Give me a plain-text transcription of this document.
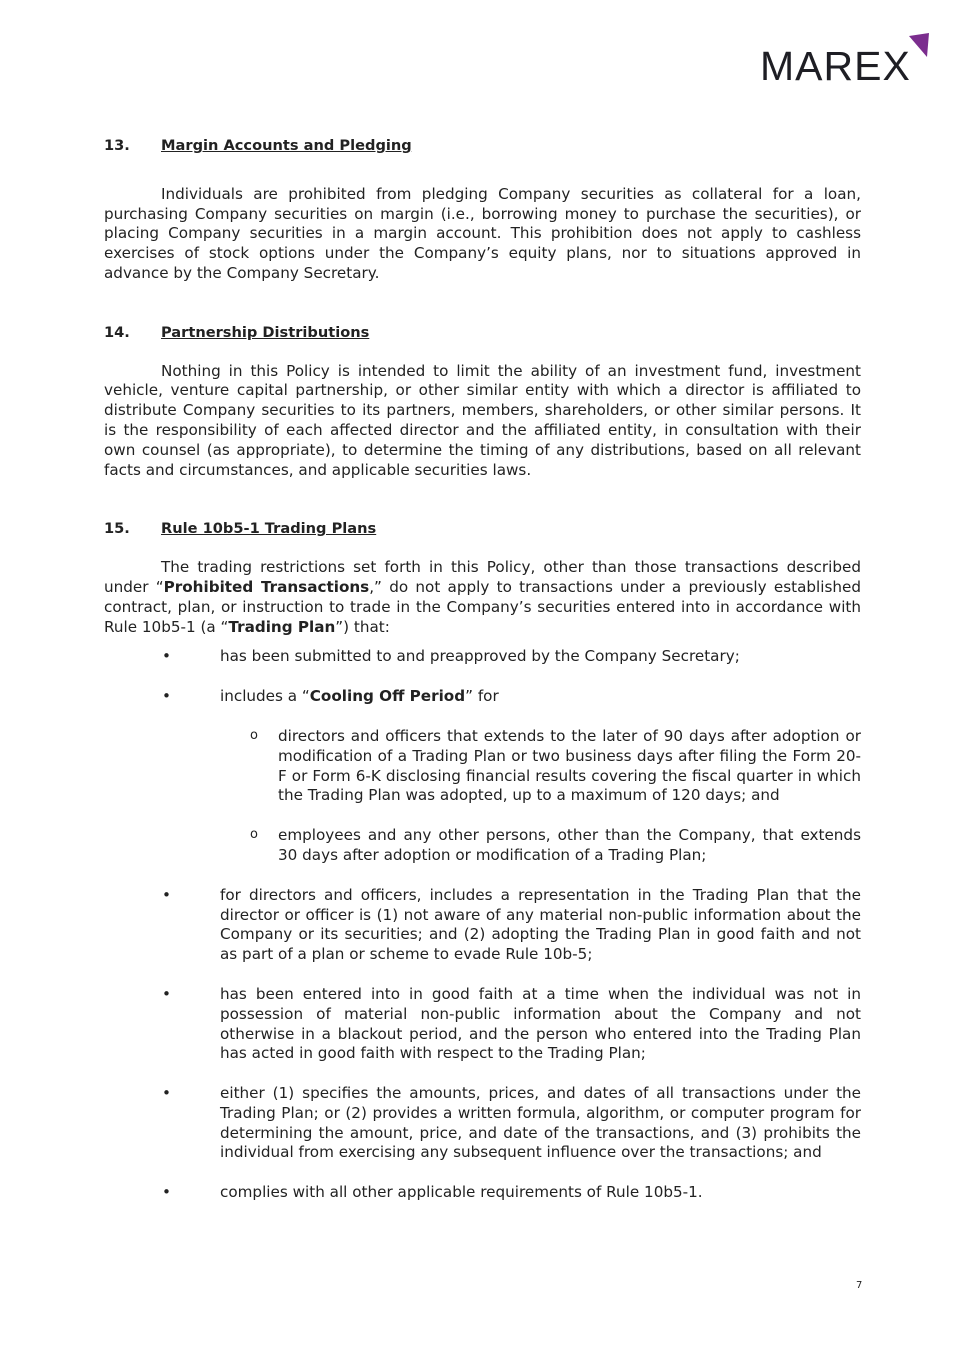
MAREX
13.	Margin Accounts and Pledging

Individuals are prohibited from pledging Company securities as collateral for a loan, purchasing Company securities on margin (i.e., borrowing money to purchase the securities), or placing Company securities in a margin account. This prohibition does not apply to cashless exercises of stock options under the Company’s equity plans, nor to situations approved in advance by the Company Secretary.

14.	Partnership Distributions

Nothing in this Policy is intended to limit the ability of an investment fund, investment vehicle, venture capital partnership, or other similar entity with which a director is affiliated to distribute Company securities to its partners, members, shareholders, or other similar persons. It is the responsibility of each affected director and the affiliated entity, in consultation with their own counsel (as appropriate), to determine the timing of any distributions, based on all relevant facts and circumstances, and applicable securities laws.

15.	Rule 10b5-1 Trading Plans

The trading restrictions set forth in this Policy, other than those transactions described under “Prohibited Transactions,” do not apply to transactions under a previously established contract, plan, or instruction to trade in the Company’s securities entered into in accordance with Rule 10b5-1 (a “Trading Plan”) that:

•	has been submitted to and preapproved by the Company Secretary;
•	includes a “Cooling Off Period” for
o directors and officers that extends to the later of 90 days after adoption or modification of a Trading Plan or two business days after filing the Form 20-F or Form 6-K disclosing financial results covering the fiscal quarter in which the Trading Plan was adopted, up to a maximum of 120 days; and
o employees and any other persons, other than the Company, that extends 30 days after adoption or modification of a Trading Plan;
•	for directors and officers, includes a representation in the Trading Plan that the director or officer is (1) not aware of any material non-public information about the Company or its securities; and (2) adopting the Trading Plan in good faith and not as part of a plan or scheme to evade Rule 10b-5;
•	has been entered into in good faith at a time when the individual was not in possession of material non-public information about the Company and not otherwise in a blackout period, and the person who entered into the Trading Plan has acted in good faith with respect to the Trading Plan;
•	either (1) specifies the amounts, prices, and dates of all transactions under the Trading Plan; or (2) provides a written formula, algorithm, or computer program for determining the amount, price, and date of the transactions, and (3) prohibits the individual from exercising any subsequent influence over the transactions; and
•	complies with all other applicable requirements of Rule 10b5-1.
7
